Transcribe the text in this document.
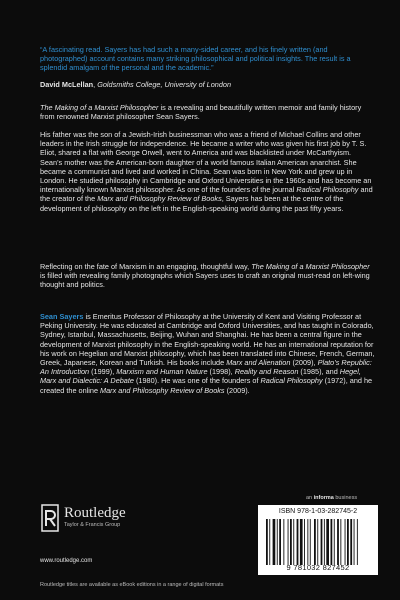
“A fascinating read. Sayers has had such a many-sided career, and his finely written (and photographed) account contains many striking philosophical and political insights. The result is a splendid amalgam of the personal and the academic.”
David McLellan, Goldsmiths College, University of London

The Making of a Marxist Philosopher is a revealing and beautifully written memoir and family history from renowned Marxist philosopher Sean Sayers.

His father was the son of a Jewish-Irish businessman who was a friend of Michael Collins and other leaders in the Irish struggle for independence. He became a writer who was given his first job by T. S. Eliot, shared a flat with George Orwell, went to America and was blacklisted under McCarthyism. Sean’s mother was the American-born daughter of a world famous Italian American anarchist. She became a communist and lived and worked in China. Sean was born in New York and grew up in London. He studied philosophy in Cambridge and Oxford Universities in the 1960s and has become an internationally known Marxist philosopher. As one of the founders of the journal Radical Philosophy and the creator of the Marx and Philosophy Review of Books, Sayers has been at the centre of the development of philosophy on the left in the English-speaking world during the past fifty years.

Reflecting on the fate of Marxism in an engaging, thoughtful way, The Making of a Marxist Philosopher is filled with revealing family photographs which Sayers uses to craft an original must-read on left-wing thought and politics.

Sean Sayers is Emeritus Professor of Philosophy at the University of Kent and Visiting Professor at Peking University. He was educated at Cambridge and Oxford Universities, and has taught in Colorado, Sydney, Istanbul, Massachusetts, Beijing, Wuhan and Shanghai. He has been a central figure in the development of Marxist philosophy in the English-speaking world. He has an international reputation for his work on Hegelian and Marxist philosophy, which has been translated into Chinese, French, German, Greek, Japanese, Korean and Turkish. His books include Marx and Alienation (2009), Plato’s Republic: An Introduction (1999), Marxism and Human Nature (1998), Reality and Reason (1985), and Hegel, Marx and Dialectic: A Debate (1980). He was one of the founders of Radical Philosophy (1972), and he created the online Marx and Philosophy Review of Books (2009).

Routledge
Taylor & Francis Group
www.routledge.com
an informa business
ISBN 978-1-03-282745-2
9 781032 827452
Routledge titles are available as eBook editions in a range of digital formats
